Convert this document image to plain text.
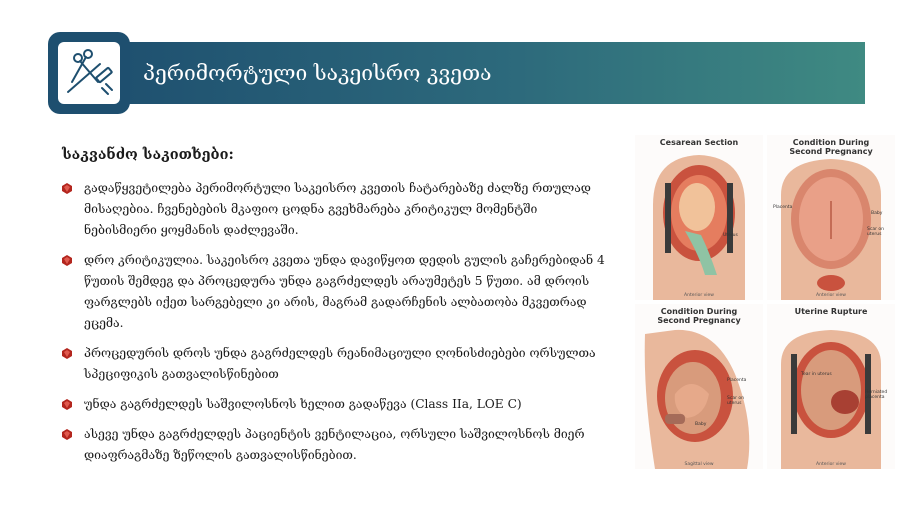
პერიმორტული საკეისრო კვეთა
საკვანძო საკითხები:
გადაწყვეტილება პერიმორტული საკეისრო კვეთის ჩატარებაზე ძალზე რთულად მისაღებია. ჩვენებების მკაფიო ცოდნა გვეხმარება კრიტიკულ მომენტში ნებისმიერი ყოყმანის დაძლევაში.
დრო კრიტიკულია. საკეისრო კვეთა უნდა დავიწყოთ დედის გულის გაჩერებიდან 4 წუთის შემდეგ და პროცედურა უნდა გაგრძელდეს არაუმეტეს 5 წუთი. ამ დროის ფარგლებს იქეთ სარგებელი კი არის, მაგრამ გადარჩენის ალბათობა მკვეთრად ეცემა.
პროცედურის დროს უნდა გაგრძელდეს რეანიმაციული ღონისძიებები ორსულთა სპეციფიკის გათვალისწინებით
უნდა გაგრძელდეს საშვილოსნოს ხელით გადაწევა (Class IIa, LOE C)
ასევე უნდა გაგრძელდეს პაციენტის ვენტილაცია, ორსული საშვილოსნოს მიერ დიაფრაგმაზე ზეწოლის გათვალისწინებით.
Cesarean Section
Uterus
Anterior view
Condition During
Second Pregnancy
Placenta
Baby
Scar on uterus
Anterior view
Condition During
Second Pregnancy
Placenta
Scar on uterus
Baby
Sagittal view
Uterine Rupture
Tear in uterus
Herniated placenta
Anterior view
